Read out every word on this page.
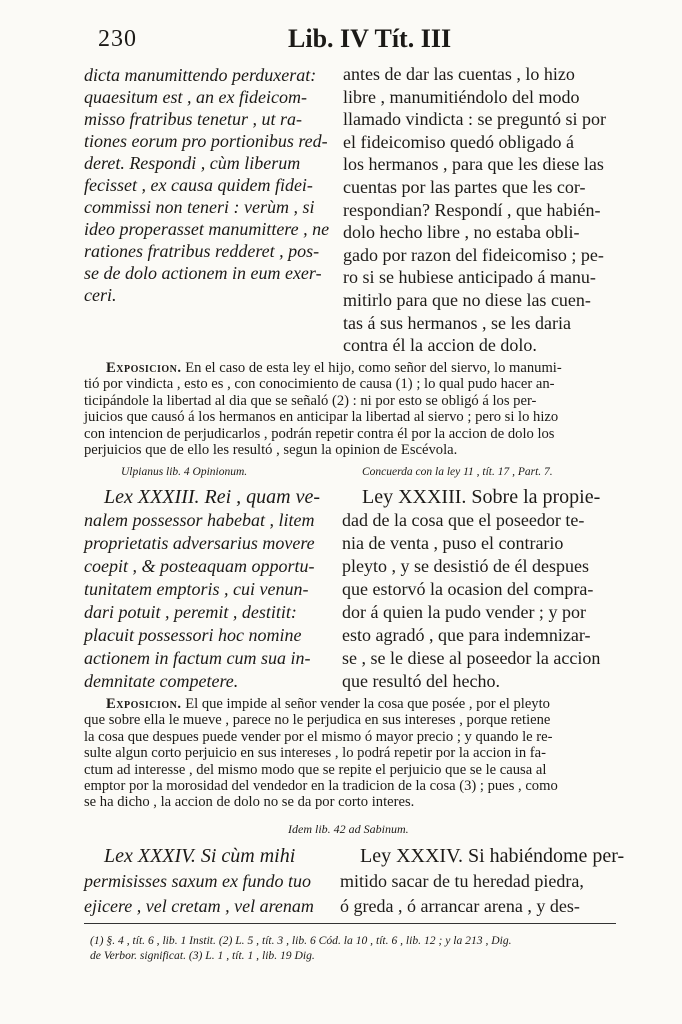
230	Lib. IV Tít. III
dicta manumittendo perduxerat:
quaesitum est , an ex fideicom-
misso fratribus tenetur , ut ra-
tiones eorum pro portionibus red-
deret. Respondi , cùm liberum
fecisset , ex causa quidem fidei-
commissi non teneri : verùm , si
ideo properasset manumittere , ne
rationes fratribus redderet , pos-
se de dolo actionem in eum exer-
ceri.
antes de dar las cuentas , lo hizo
libre , manumitiéndolo del modo
llamado vindicta : se preguntó si por
el fideicomiso quedó obligado á
los hermanos , para que les diese las
cuentas por las partes que les cor-
respondian? Respondí , que habién-
dolo hecho libre , no estaba obli-
gado por razon del fideicomiso ; pe-
ro si se hubiese anticipado á manu-
mitirlo para que no diese las cuen-
tas á sus hermanos , se les daria
contra él la accion de dolo.
Exposicion. En el caso de esta ley el hijo, como señor del siervo, lo manumi-
tió por vindicta , esto es , con conocimiento de causa (1) ; lo qual pudo hacer an-
ticipándole la libertad al dia que se señaló (2) : ni por esto se obligó á los per-
juicios que causó á los hermanos en anticipar la libertad al siervo ; pero si lo hizo
con intencion de perjudicarlos , podrán repetir contra él por la accion de dolo los
perjuicios que de ello les resultó , segun la opinion de Escévola.
Ulpianus lib. 4 Opinionum.	Concuerda con la ley 11 , tít. 17 , Part. 7.
Lex XXXIII. Rei , quam ve-
nalem possessor habebat , litem
proprietatis adversarius movere
coepit , & posteaquam opportu-
tunitatem emptoris , cui venun-
dari potuit , peremit , destitit:
placuit possessori hoc nomine
actionem in factum cum sua in-
demnitate competere.
Ley XXXIII. Sobre la propie-
dad de la cosa que el poseedor te-
nia de venta , puso el contrario
pleyto , y se desistió de él despues
que estorvó la ocasion del compra-
dor á quien la pudo vender ; y por
esto agradó , que para indemnizar-
se , se le diese al poseedor la accion
que resultó del hecho.
Exposicion. El que impide al señor vender la cosa que posée , por el pleyto
que sobre ella le mueve , parece no le perjudica en sus intereses , porque retiene
la cosa que despues puede vender por el mismo ó mayor precio ; y quando le re-
sulte algun corto perjuicio en sus intereses , lo podrá repetir por la accion in fa-
ctum ad interesse , del mismo modo que se repite el perjuicio que se le causa al
emptor por la morosidad del vendedor en la tradicion de la cosa (3) ; pues , como
se ha dicho , la accion de dolo no se da por corto interes.
Idem lib. 42 ad Sabinum.
Lex XXXIV. Si cùm mihi
permisisses saxum ex fundo tuo
ejicere , vel cretam , vel arenam
Ley XXXIV. Si habiéndome per-
mitido sacar de tu heredad piedra,
ó greda , ó arrancar arena , y des-
(1) §. 4 , tít. 6 , lib. 1 Instit. (2) L. 5 , tít. 3 , lib. 6 Cód. la 10 , tít. 6 , lib. 12 ; y la 213 , Dig.
de Verbor. significat. (3) L. 1 , tít. 1 , lib. 19 Dig.
